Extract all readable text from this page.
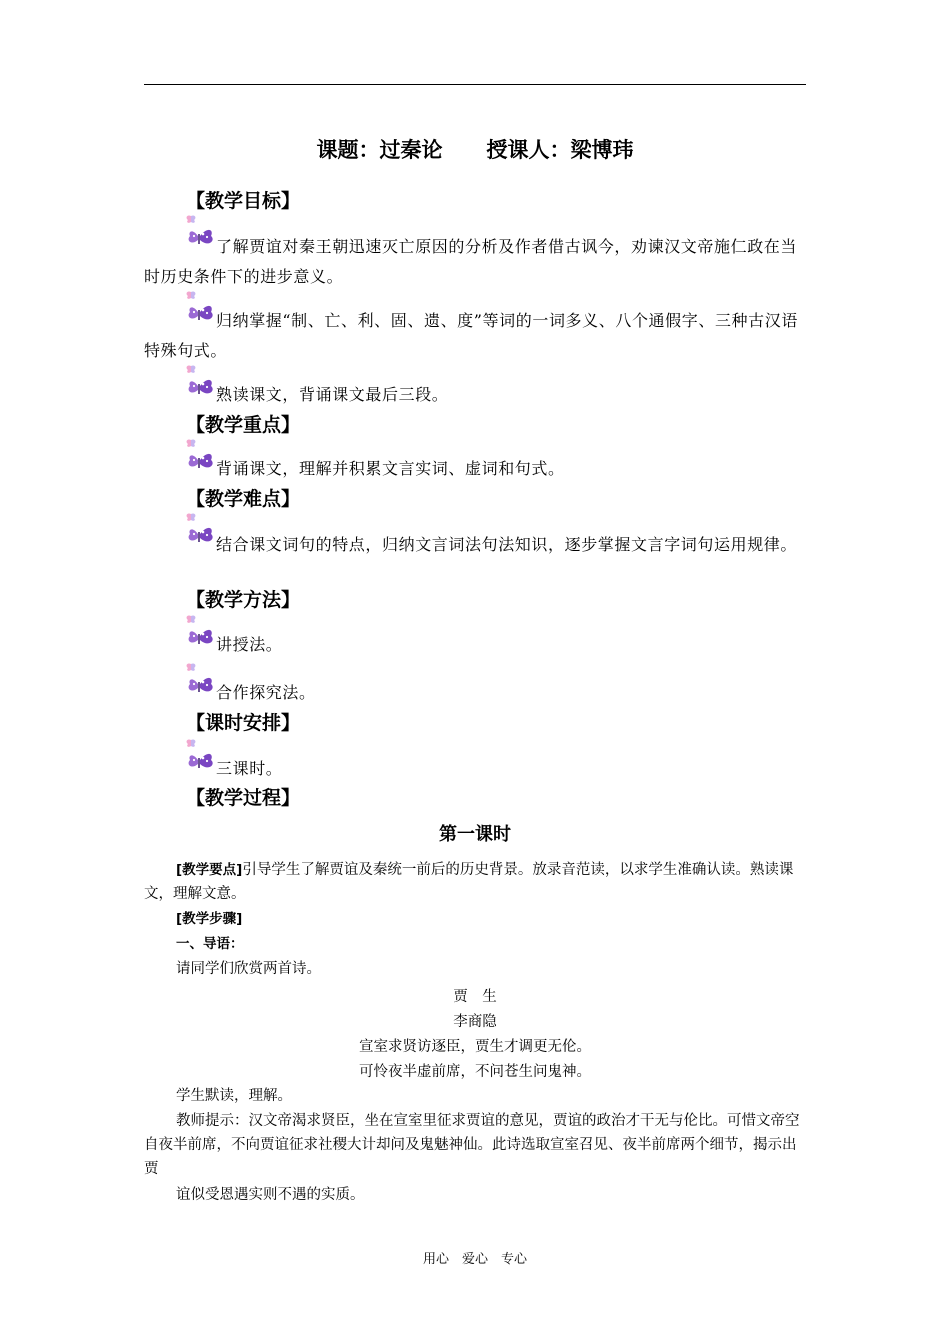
课题：过秦论 授课人：梁博玮
【教学目标】

了解贾谊对秦王朝迅速灭亡原因的分析及作者借古讽今，劝谏汉文帝施仁政在当时历史条件下的进步意义。

归纳掌握“制、亡、利、固、遗、度”等词的一词多义、八个通假字、三种古汉语特殊句式。

熟读课文，背诵课文最后三段。

【教学重点】

背诵课文，理解并积累文言实词、虚词和句式。

【教学难点】

结合课文词句的特点，归纳文言词法句法知识，逐步掌握文言字词句运用规律。

【教学方法】

讲授法。

合作探究法。

【课时安排】

三课时。

【教学过程】
第一课时

[教学要点]引导学生了解贾谊及秦统一前后的历史背景。放录音范读，以求学生准确认读。熟读课文，理解文意。

[教学步骤]

一、导语：

请同学们欣赏两首诗。

贾　生
李商隐
宣室求贤访逐臣，贾生才调更无伦。
可怜夜半虚前席，不问苍生问鬼神。

学生默读，理解。

教师提示：汉文帝渴求贤臣，坐在宣室里征求贾谊的意见，贾谊的政治才干无与伦比。可惜文帝空自夜半前席，不向贾谊征求社稷大计却问及鬼魅神仙。此诗选取宣室召见、夜半前席两个细节，揭示出贾

谊似受恩遇实则不遇的实质。

用心　爱心　专心
